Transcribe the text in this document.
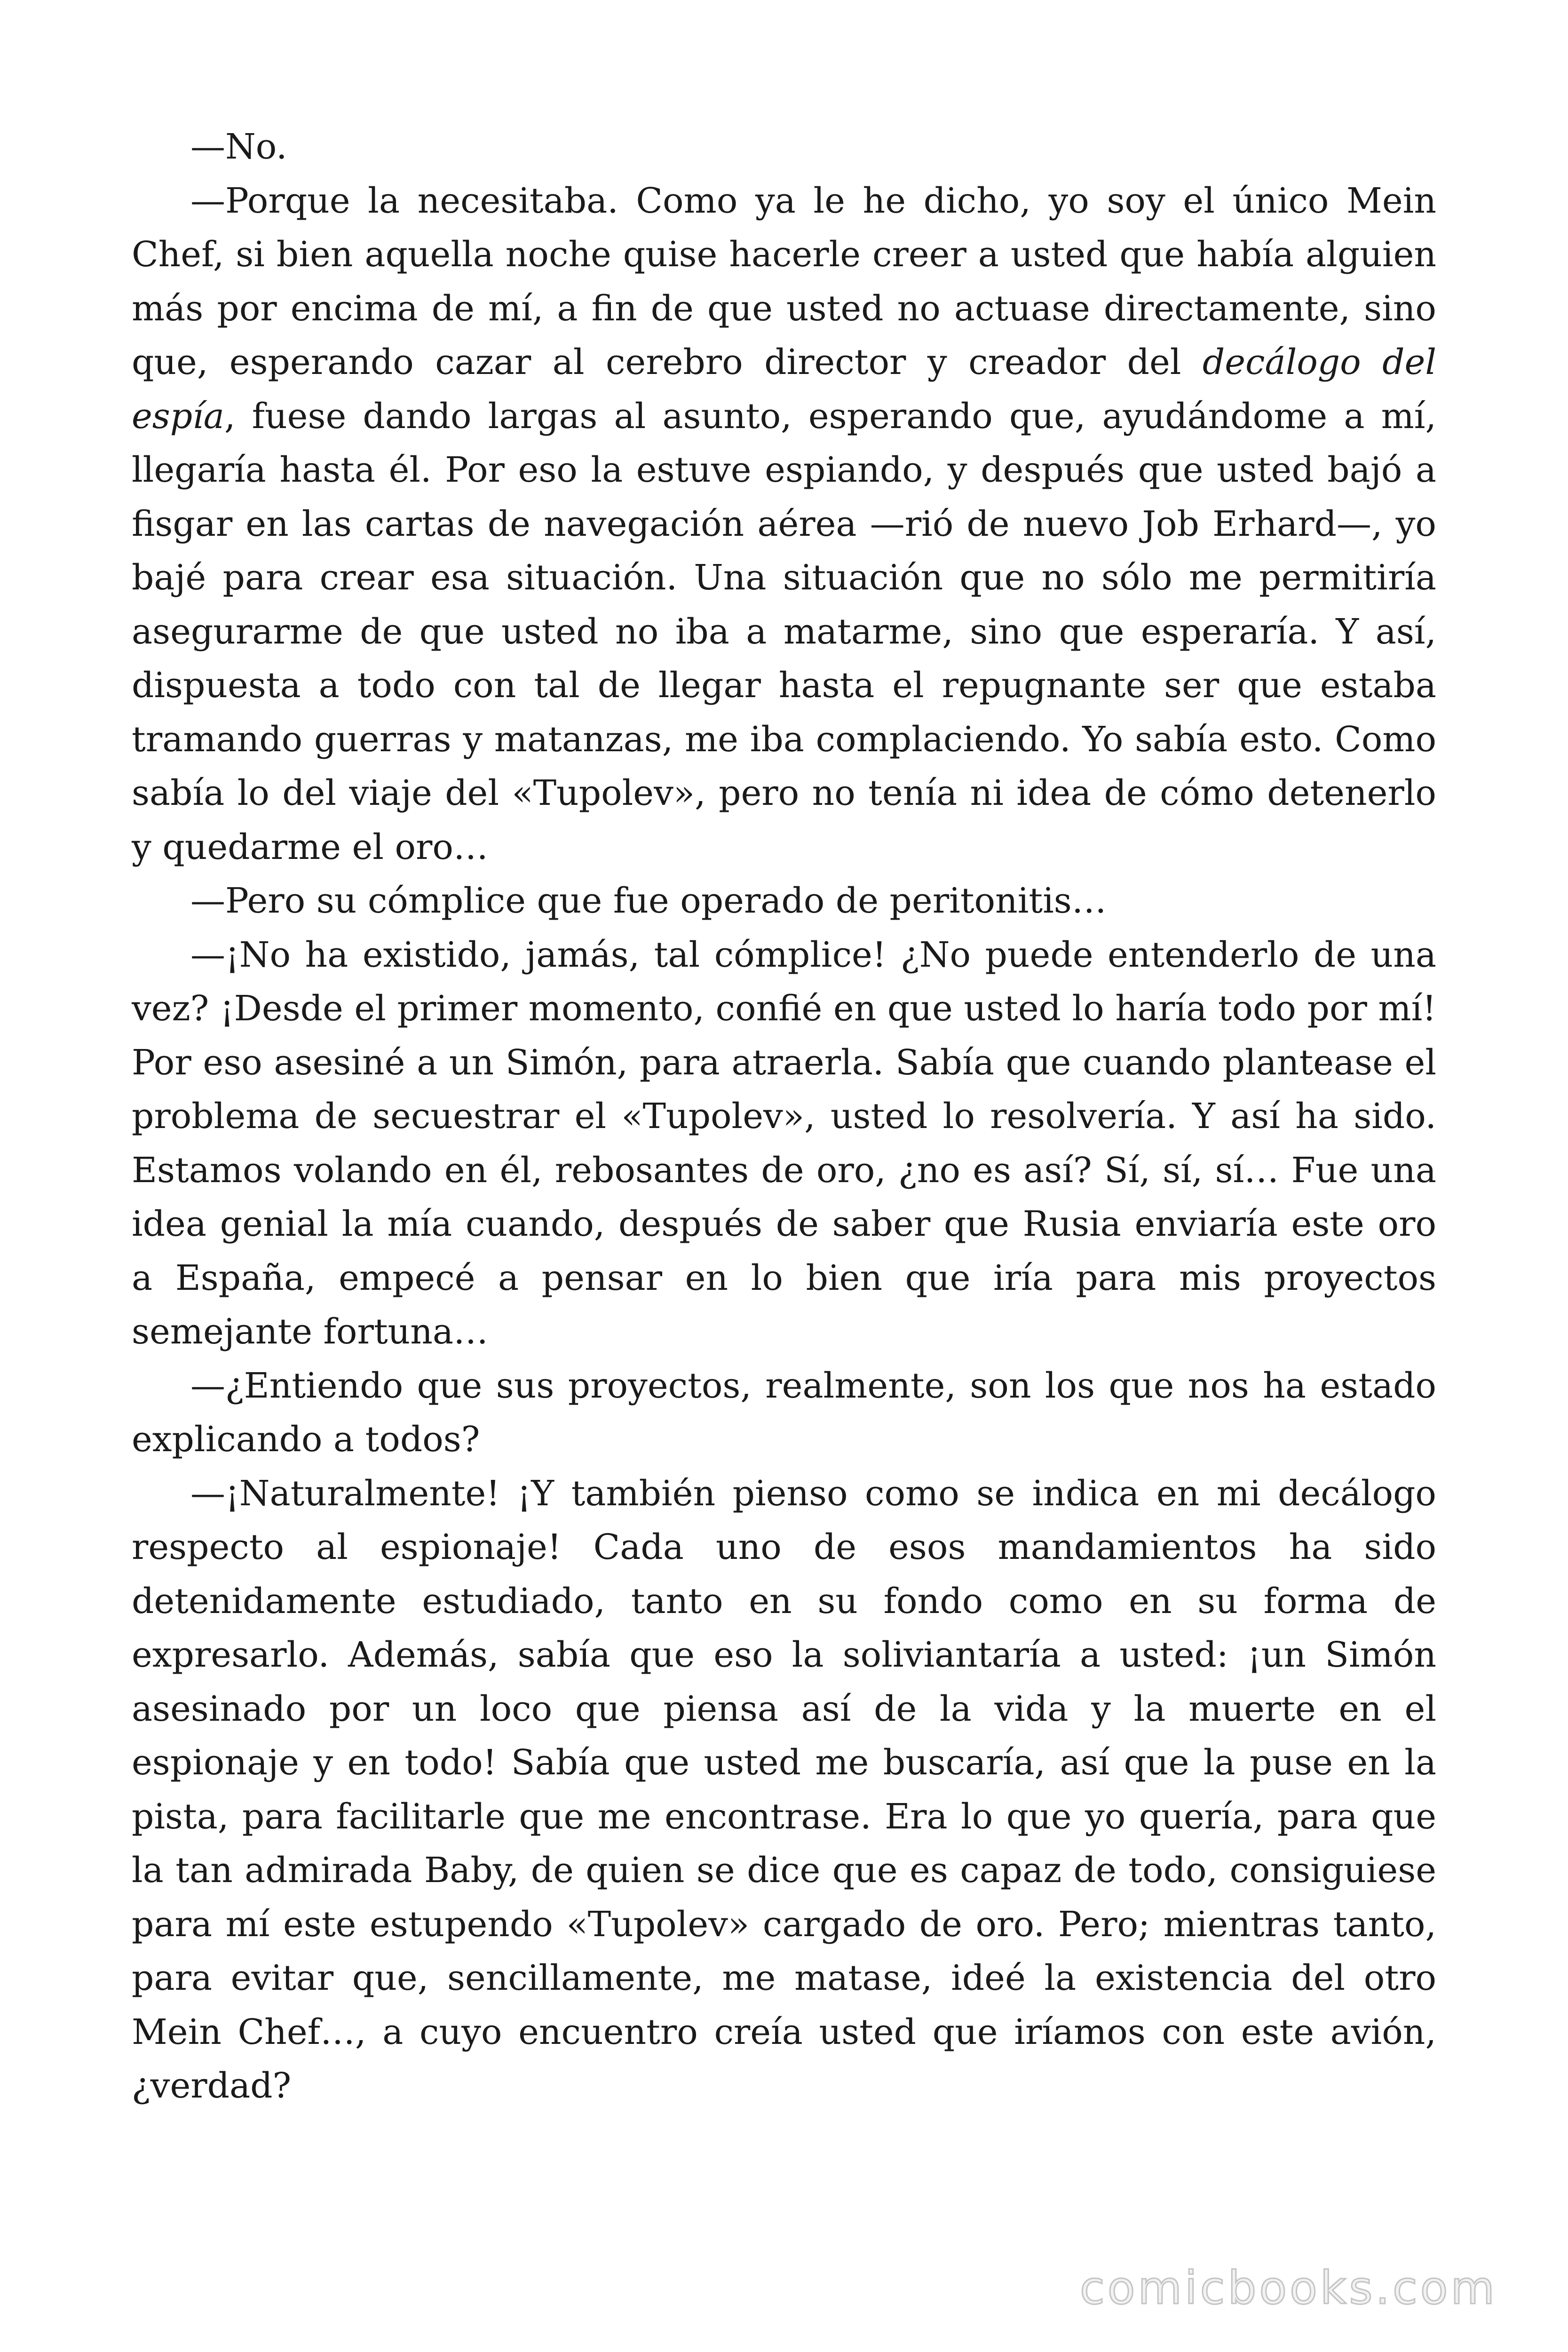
—No.

—Porque la necesitaba. Como ya le he dicho, yo soy el único Mein Chef, si bien aquella noche quise hacerle creer a usted que había alguien más por encima de mí, a fin de que usted no actuase directamente, sino que, esperando cazar al cerebro director y creador del decálogo del espía, fuese dando largas al asunto, esperando que, ayudándome a mí, llegaría hasta él. Por eso la estuve espiando, y después que usted bajó a fisgar en las cartas de navegación aérea —rió de nuevo Job Erhard—, yo bajé para crear esa situación. Una situación que no sólo me permitiría asegurarme de que usted no iba a matarme, sino que esperaría. Y así, dispuesta a todo con tal de llegar hasta el repugnante ser que estaba tramando guerras y matanzas, me iba complaciendo. Yo sabía esto. Como sabía lo del viaje del «Tupolev», pero no tenía ni idea de cómo detenerlo y quedarme el oro…

—Pero su cómplice que fue operado de peritonitis…

—¡No ha existido, jamás, tal cómplice! ¿No puede entenderlo de una vez? ¡Desde el primer momento, confié en que usted lo haría todo por mí! Por eso asesiné a un Simón, para atraerla. Sabía que cuando plantease el problema de secuestrar el «Tupolev», usted lo resolvería. Y así ha sido. Estamos volando en él, rebosantes de oro, ¿no es así? Sí, sí, sí… Fue una idea genial la mía cuando, después de saber que Rusia enviaría este oro a España, empecé a pensar en lo bien que iría para mis proyectos semejante fortuna…

—¿Entiendo que sus proyectos, realmente, son los que nos ha estado explicando a todos?

—¡Naturalmente! ¡Y también pienso como se indica en mi decálogo respecto al espionaje! Cada uno de esos mandamientos ha sido detenidamente estudiado, tanto en su fondo como en su forma de expresarlo. Además, sabía que eso la soliviantaría a usted: ¡un Simón asesinado por un loco que piensa así de la vida y la muerte en el espionaje y en todo! Sabía que usted me buscaría, así que la puse en la pista, para facilitarle que me encontrase. Era lo que yo quería, para que la tan admirada Baby, de quien se dice que es capaz de todo, consiguiese para mí este estupendo «Tupolev» cargado de oro. Pero; mientras tanto, para evitar que, sencillamente, me matase, ideé la existencia del otro Mein Chef…, a cuyo encuentro creía usted que iríamos con este avión, ¿verdad?

comicbooks.com
